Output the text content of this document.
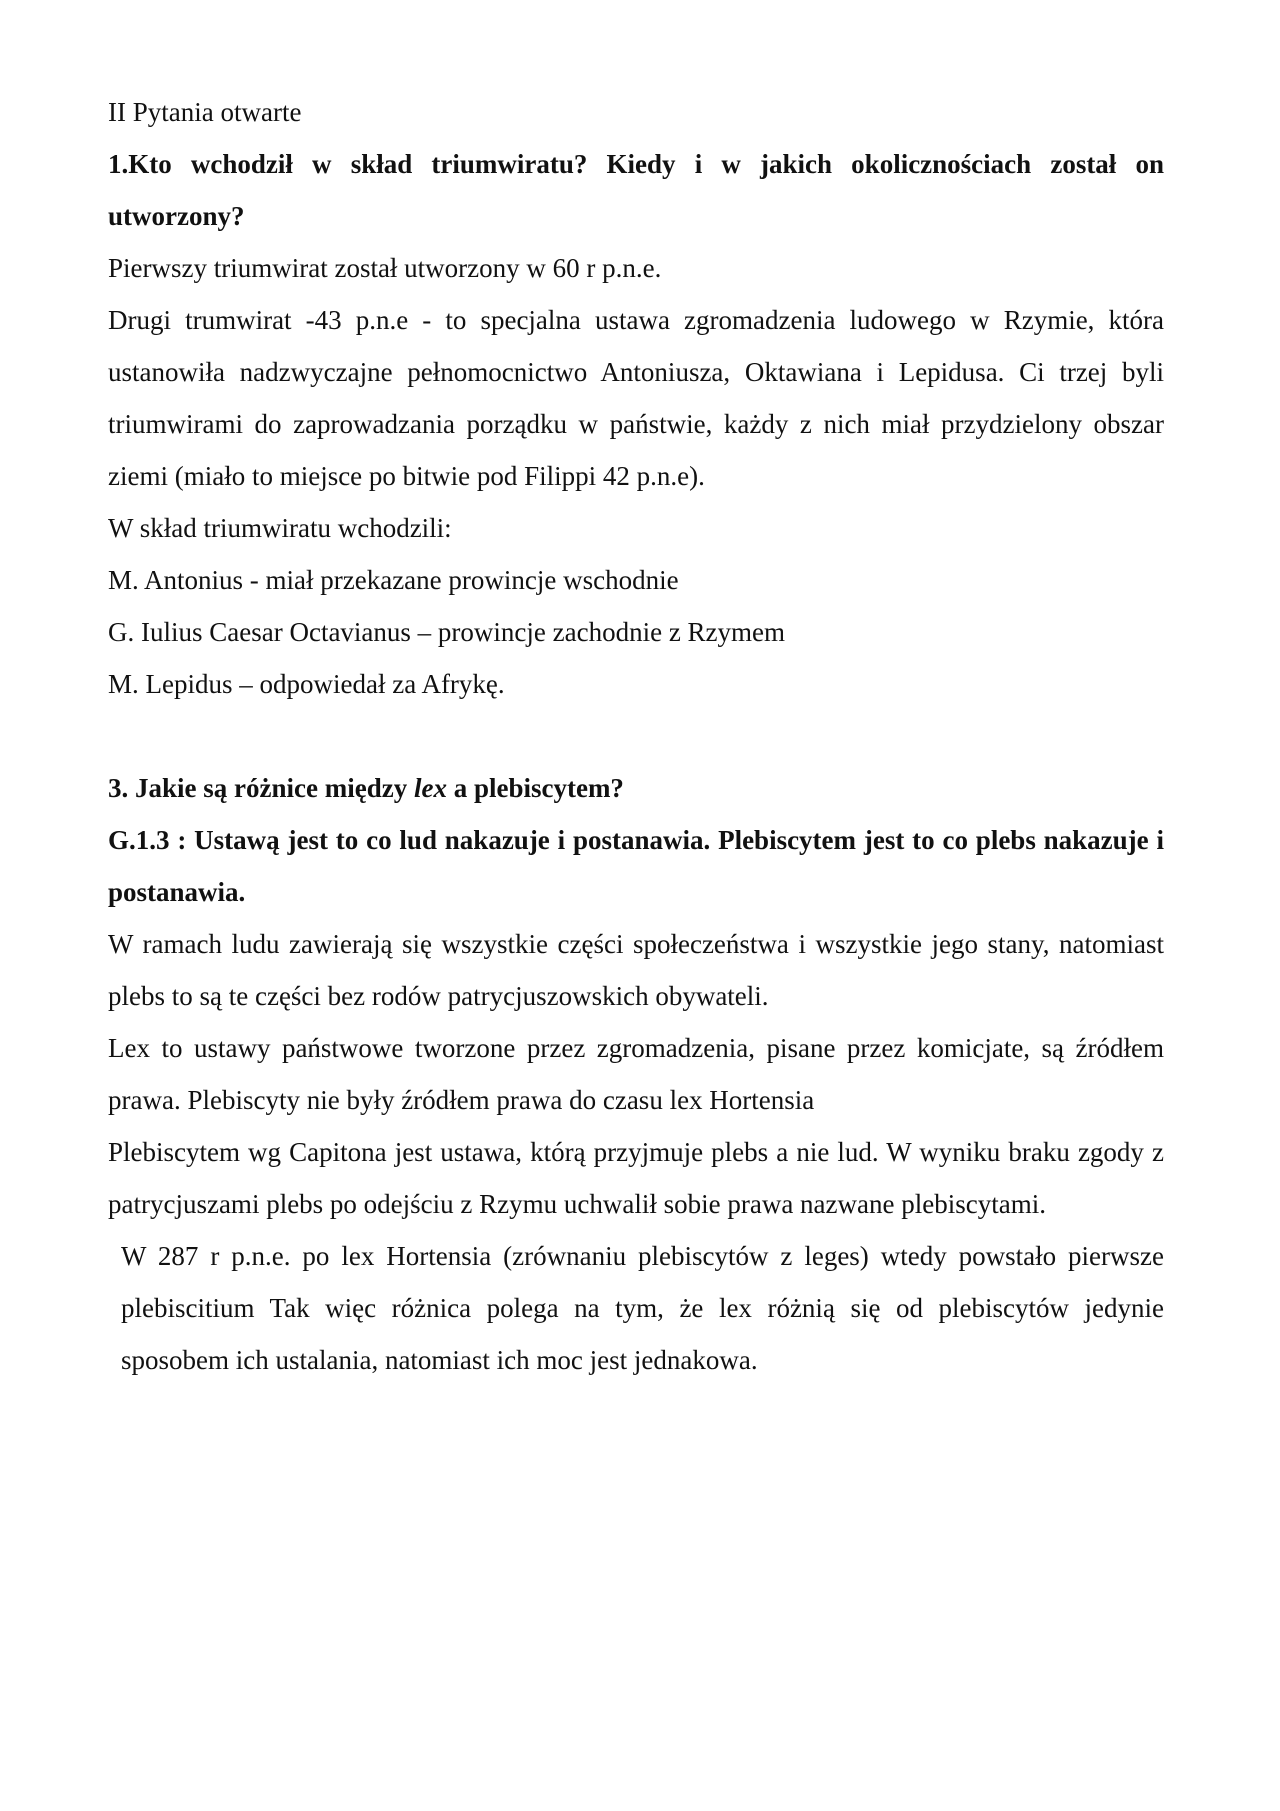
II Pytania otwarte

1.Kto wchodził w skład triumwiratu? Kiedy i w jakich okolicznościach został on utworzony?

Pierwszy triumwirat został utworzony w 60 r p.n.e.

Drugi trumwirat -43 p.n.e - to specjalna ustawa zgromadzenia ludowego w Rzymie, która ustanowiła nadzwyczajne pełnomocnictwo Antoniusza, Oktawiana i Lepidusa. Ci trzej byli triumwirami do zaprowadzania porządku w państwie, każdy z nich miał przydzielony obszar ziemi (miało to miejsce po bitwie pod Filippi 42 p.n.e).

W skład triumwiratu wchodzili:

M. Antonius - miał przekazane prowincje wschodnie

G. Iulius Caesar Octavianus – prowincje zachodnie z Rzymem

M. Lepidus – odpowiedał za Afrykę.

3. Jakie są różnice między lex a plebiscytem?

G.1.3 : Ustawą jest to co lud nakazuje i postanawia. Plebiscytem jest to co plebs nakazuje i postanawia.

W ramach ludu zawierają się wszystkie części społeczeństwa i wszystkie jego stany, natomiast plebs to są te części bez rodów patrycjuszowskich obywateli.

Lex to ustawy państwowe tworzone przez zgromadzenia, pisane przez komicjate, są źródłem prawa. Plebiscyty nie były źródłem prawa do czasu lex Hortensia

Plebiscytem wg Capitona jest ustawa, którą przyjmuje plebs a nie lud. W wyniku braku zgody z patrycjuszami plebs po odejściu z Rzymu uchwalił sobie prawa nazwane plebiscytami.

W 287 r p.n.e. po lex Hortensia (zrównaniu plebiscytów z leges) wtedy powstało pierwsze plebiscitium Tak więc różnica polega na tym, że lex różnią się od plebiscytów jedynie sposobem ich ustalania, natomiast ich moc jest jednakowa.
